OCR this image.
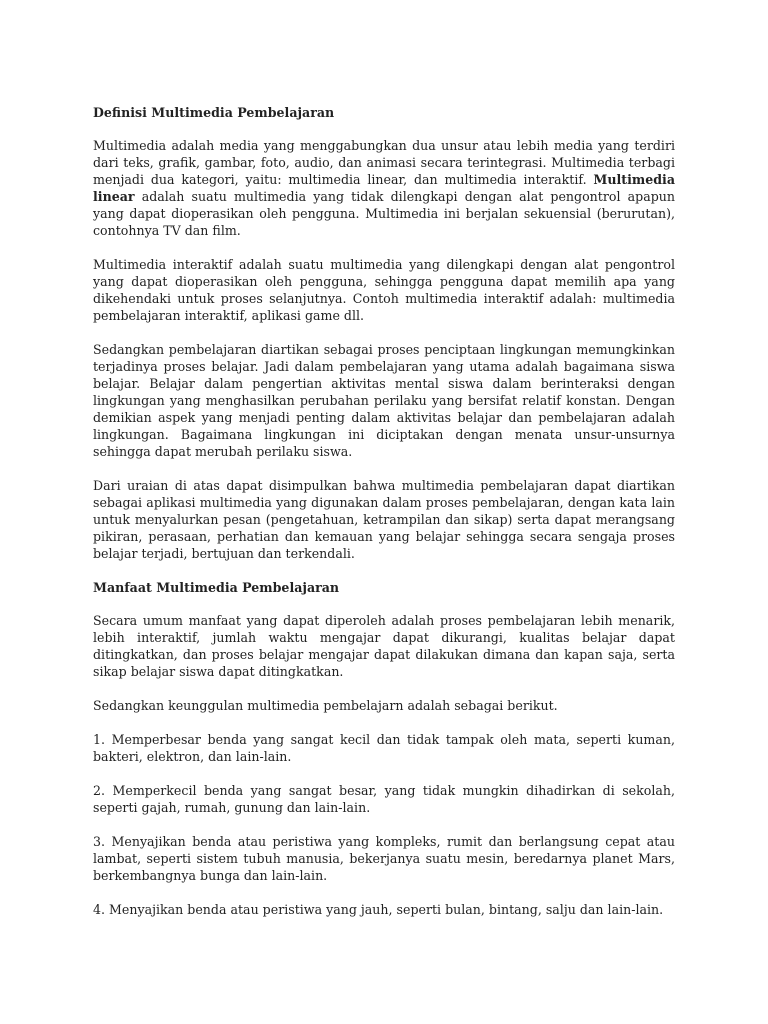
Definisi Multimedia Pembelajaran

Multimedia adalah media yang menggabungkan dua unsur atau lebih media yang terdiri dari teks, grafik, gambar, foto, audio, dan animasi secara terintegrasi. Multimedia terbagi menjadi dua kategori, yaitu: multimedia linear, dan multimedia interaktif. Multimedia linear adalah suatu multimedia yang tidak dilengkapi dengan alat pengontrol apapun yang dapat dioperasikan oleh pengguna. Multimedia ini berjalan sekuensial (berurutan), contohnya TV dan film.

Multimedia interaktif adalah suatu multimedia yang dilengkapi dengan alat pengontrol yang dapat dioperasikan oleh pengguna, sehingga pengguna dapat memilih apa yang dikehendaki untuk proses selanjutnya. Contoh multimedia interaktif adalah: multimedia pembelajaran interaktif, aplikasi game dll.

Sedangkan pembelajaran diartikan sebagai proses penciptaan lingkungan memungkinkan terjadinya proses belajar. Jadi dalam pembelajaran yang utama adalah bagaimana siswa belajar. Belajar dalam pengertian aktivitas mental siswa dalam berinteraksi dengan lingkungan yang menghasilkan perubahan perilaku yang bersifat relatif konstan. Dengan demikian aspek yang menjadi penting dalam aktivitas belajar dan pembelajaran adalah lingkungan. Bagaimana lingkungan ini diciptakan dengan menata unsur-unsurnya sehingga dapat merubah perilaku siswa.

Dari uraian di atas dapat disimpulkan bahwa multimedia pembelajaran dapat diartikan sebagai aplikasi multimedia yang digunakan dalam proses pembelajaran, dengan kata lain untuk menyalurkan pesan (pengetahuan, ketrampilan dan sikap) serta dapat merangsang pikiran, perasaan, perhatian dan kemauan yang belajar sehingga secara sengaja proses belajar terjadi, bertujuan dan terkendali.

Manfaat Multimedia Pembelajaran

Secara umum manfaat yang dapat diperoleh adalah proses pembelajaran lebih menarik, lebih interaktif, jumlah waktu mengajar dapat dikurangi, kualitas belajar dapat ditingkatkan, dan proses belajar mengajar dapat dilakukan dimana dan kapan saja, serta sikap belajar siswa dapat ditingkatkan.

Sedangkan keunggulan multimedia pembelajarn adalah sebagai berikut.

1. Memperbesar benda yang sangat kecil dan tidak tampak oleh mata, seperti kuman, bakteri, elektron, dan lain-lain.

2. Memperkecil benda yang sangat besar, yang tidak mungkin dihadirkan di sekolah, seperti gajah, rumah, gunung dan lain-lain.

3. Menyajikan benda atau peristiwa yang kompleks, rumit dan berlangsung cepat atau lambat, seperti sistem tubuh manusia, bekerjanya suatu mesin, beredarnya planet Mars, berkembangnya bunga dan lain-lain.

4. Menyajikan benda atau peristiwa yang jauh, seperti bulan, bintang, salju dan lain-lain.
